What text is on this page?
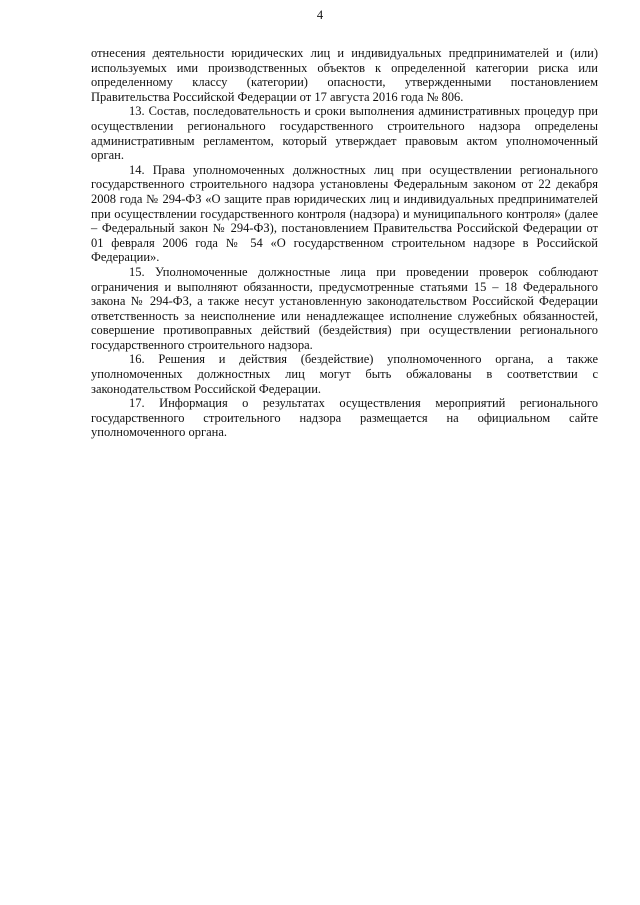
4

отнесения деятельности юридических лиц и индивидуальных предпринимателей и (или) используемых ими производственных объектов к определенной категории риска или определенному классу (категории) опасности, утвержденными постановлением Правительства Российской Федерации от 17 августа 2016 года № 806.

13. Состав, последовательность и сроки выполнения административных процедур при осуществлении регионального государственного строительного надзора определены административным регламентом, который утверждает правовым актом уполномоченный орган.

14. Права уполномоченных должностных лиц при осуществлении регионального государственного строительного надзора установлены Федеральным законом от 22 декабря 2008 года № 294-ФЗ «О защите прав юридических лиц и индивидуальных предпринимателей при осуществлении государственного контроля (надзора) и муниципального контроля» (далее – Федеральный закон № 294-ФЗ), постановлением Правительства Российской Федерации от 01 февраля 2006 года № 54 «О государственном строительном надзоре в Российской Федерации».

15. Уполномоченные должностные лица при проведении проверок соблюдают ограничения и выполняют обязанности, предусмотренные статьями 15 – 18 Федерального закона № 294-ФЗ, а также несут установленную законодательством Российской Федерации ответственность за неисполнение или ненадлежащее исполнение служебных обязанностей, совершение противоправных действий (бездействия) при осуществлении регионального государственного строительного надзора.

16. Решения и действия (бездействие) уполномоченного органа, а также уполномоченных должностных лиц могут быть обжалованы в соответствии с законодательством Российской Федерации.

17. Информация о результатах осуществления мероприятий регионального государственного строительного надзора размещается на официальном сайте уполномоченного органа.
